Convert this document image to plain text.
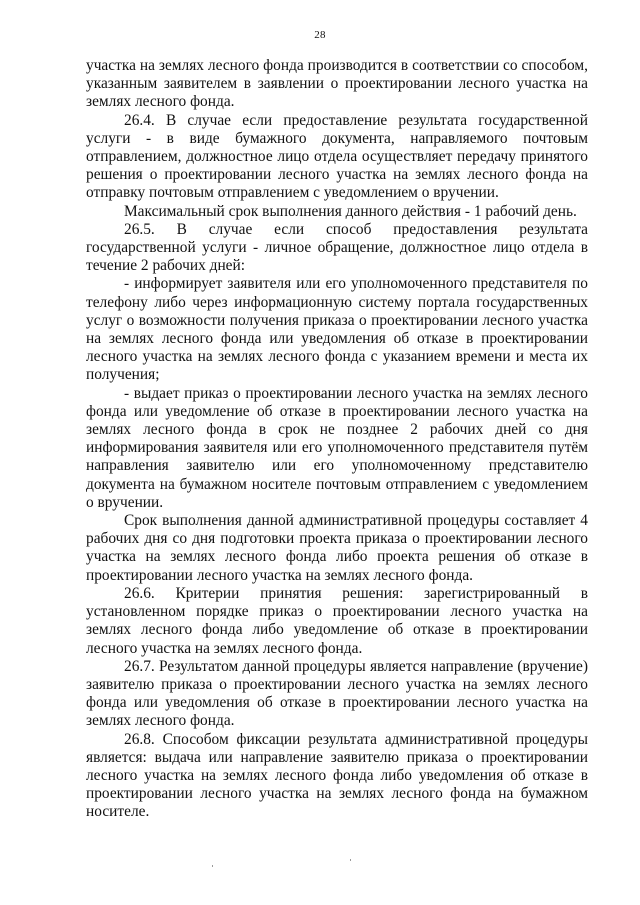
28

участка на землях лесного фонда производится в соответствии со способом, указанным заявителем в заявлении о проектировании лесного участка на землях лесного фонда.

26.4. В случае если предоставление результата государственной услуги - в виде бумажного документа, направляемого почтовым отправлением, должностное лицо отдела осуществляет передачу принятого решения о проектировании лесного участка на землях лесного фонда на отправку почтовым отправлением с уведомлением о вручении.

Максимальный срок выполнения данного действия - 1 рабочий день.

26.5. В случае если способ предоставления результата государственной услуги - личное обращение, должностное лицо отдела в течение 2 рабочих дней:

- информирует заявителя или его уполномоченного представителя по телефону либо через информационную систему портала государственных услуг о возможности получения приказа о проектировании лесного участка на землях лесного фонда или уведомления об отказе в проектировании лесного участка на землях лесного фонда с указанием времени и места их получения;

- выдает приказ о проектировании лесного участка на землях лесного фонда или уведомление об отказе в проектировании лесного участка на землях лесного фонда в срок не позднее 2 рабочих дней со дня информирования заявителя или его уполномоченного представителя путём направления заявителю или его уполномоченному представителю документа на бумажном носителе почтовым отправлением с уведомлением о вручении.

Срок выполнения данной административной процедуры составляет 4 рабочих дня со дня подготовки проекта приказа о проектировании лесного участка на землях лесного фонда либо проекта решения об отказе в проектировании лесного участка на землях лесного фонда.

26.6. Критерии принятия решения: зарегистрированный в установленном порядке приказ о проектировании лесного участка на землях лесного фонда либо уведомление об отказе в проектировании лесного участка на землях лесного фонда.

26.7. Результатом данной процедуры является направление (вручение) заявителю приказа о проектировании лесного участка на землях лесного фонда или уведомления об отказе в проектировании лесного участка на землях лесного фонда.

26.8. Способом фиксации результата административной процедуры является: выдача или направление заявителю приказа о проектировании лесного участка на землях лесного фонда либо уведомления об отказе в проектировании лесного участка на землях лесного фонда на бумажном носителе.
